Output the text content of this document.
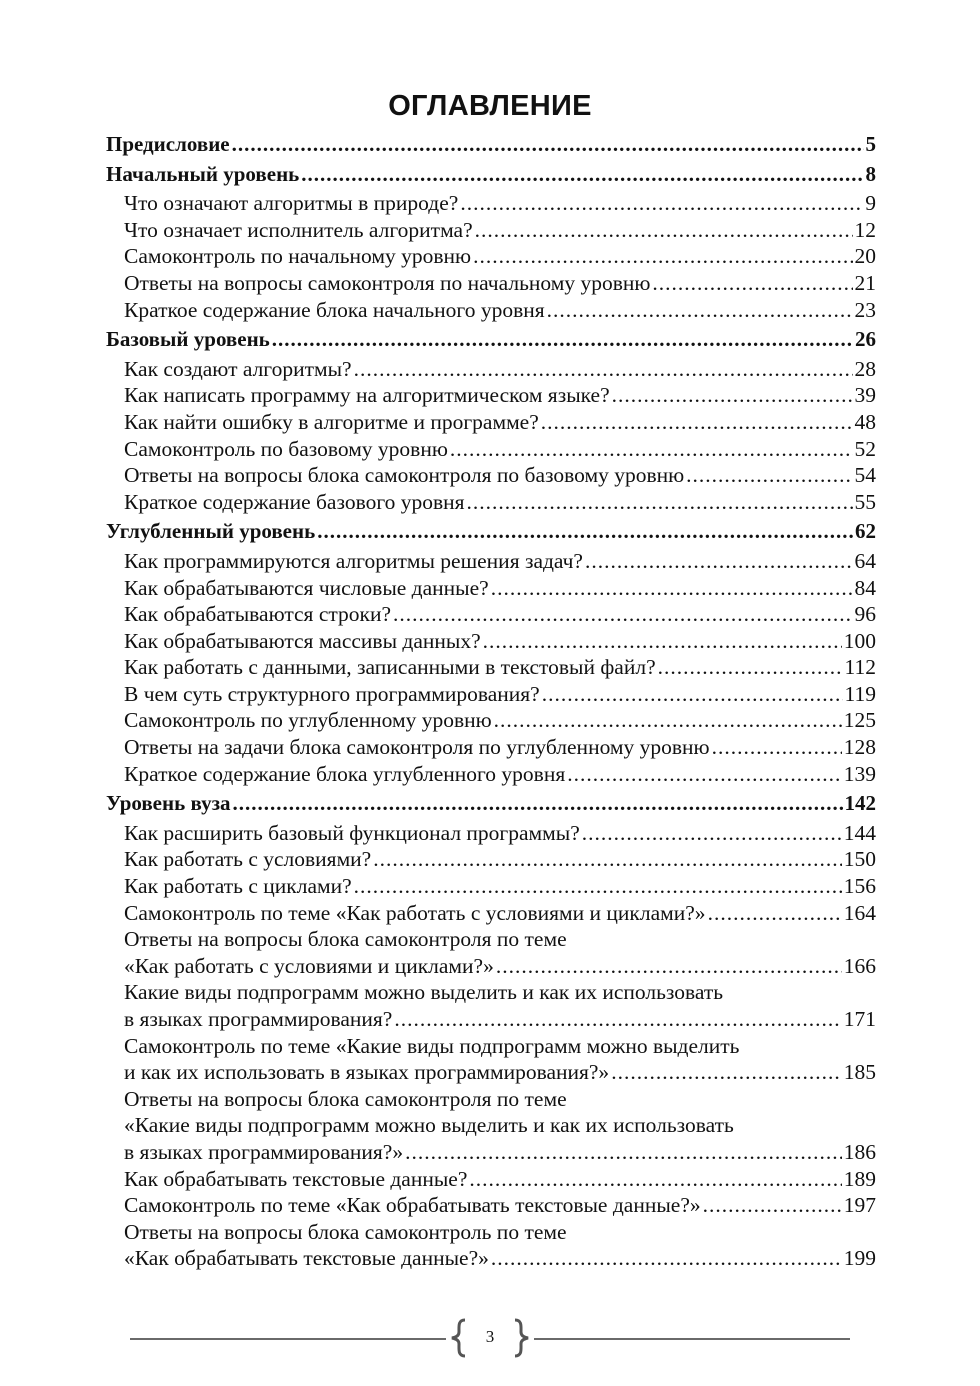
ОГЛАВЛЕНИЕ
Предисловие .....	5
Начальный уровень .....	8
Что означают алгоритмы в природе? .....	9
Что означает исполнитель алгоритма? .....	12
Самоконтроль по начальному уровню .....	20
Ответы на вопросы самоконтроля по начальному уровню .....	21
Краткое содержание блока начального уровня .....	23
Базовый уровень .....	26
Как создают алгоритмы? .....	28
Как написать программу на алгоритмическом языке? .....	39
Как найти ошибку в алгоритме и программе? .....	48
Самоконтроль по базовому уровню .....	52
Ответы на вопросы блока самоконтроля по базовому уровню .....	54
Краткое содержание базового уровня .....	55
Углубленный уровень .....	62
Как программируются алгоритмы решения задач? .....	64
Как обрабатываются числовые данные? .....	84
Как обрабатываются строки? .....	96
Как обрабатываются массивы данных? .....	100
Как работать с данными, записанными в текстовый файл? .....	112
В чем суть структурного программирования? .....	119
Самоконтроль по углубленному уровню .....	125
Ответы на задачи блока самоконтроля по углубленному уровню .....	128
Краткое содержание блока углубленного уровня .....	139
Уровень вуза .....	142
Как расширить базовый функционал программы? .....	144
Как работать с условиями? .....	150
Как работать с циклами? .....	156
Самоконтроль по теме «Как работать с условиями и циклами?» .....	164
Ответы на вопросы блока самоконтроля по теме
«Как работать с условиями и циклами?» .....	166
Какие виды подпрограмм можно выделить и как их использовать
в языках программирования? .....	171
Самоконтроль по теме «Какие виды подпрограмм можно выделить
и как их использовать в языках программирования?» .....	185
Ответы на вопросы блока самоконтроля по теме
«Какие виды подпрограмм можно выделить и как их использовать
в языках программирования?» .....	186
Как обрабатывать текстовые данные? .....	189
Самоконтроль по теме «Как обрабатывать текстовые данные?» .....	197
Ответы на вопросы блока самоконтроль по теме
«Как обрабатывать текстовые данные?» .....	199
3
